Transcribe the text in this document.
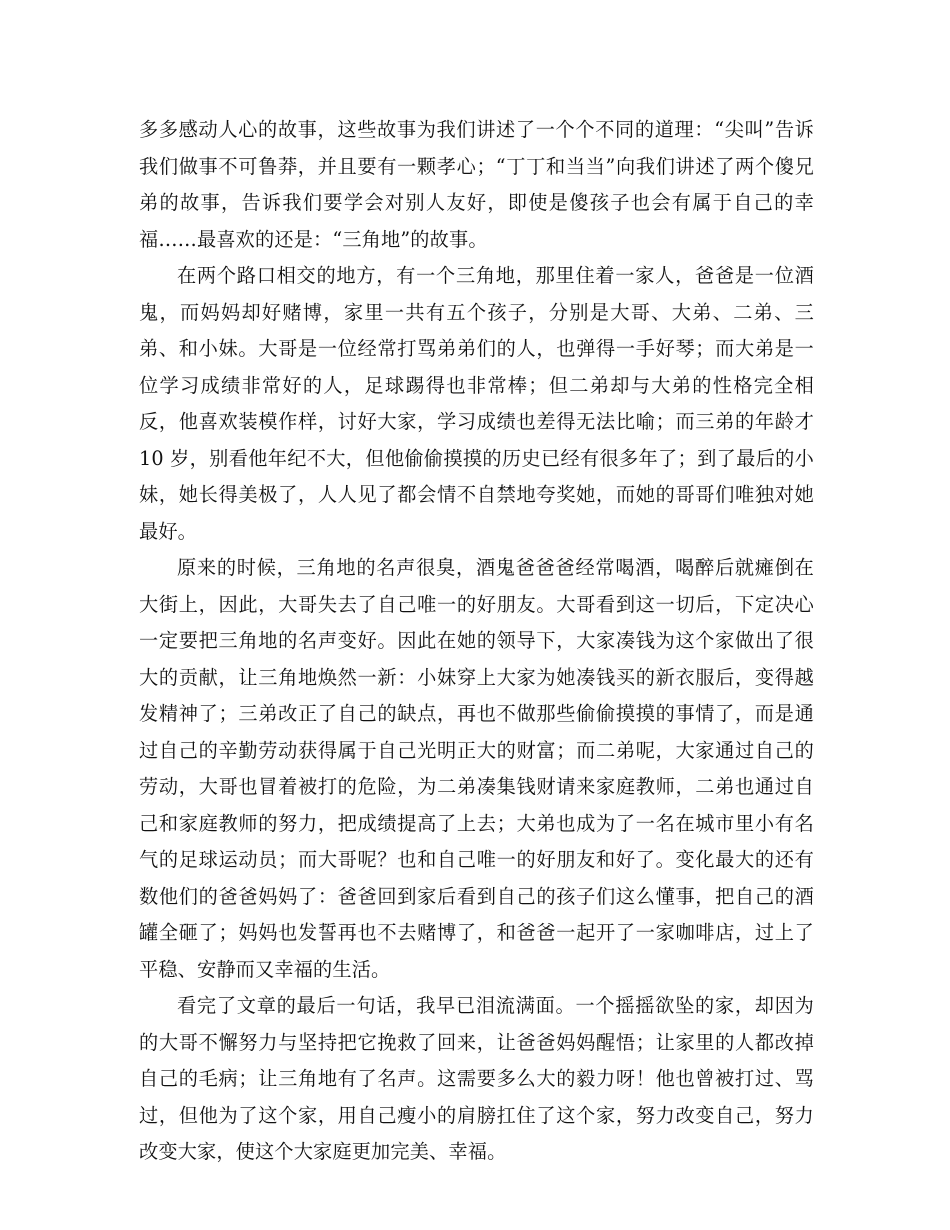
多多感动人心的故事，这些故事为我们讲述了一个个不同的道理：“尖叫”告诉我们做事不可鲁莽，并且要有一颗孝心；“丁丁和当当”向我们讲述了两个傻兄弟的故事，告诉我们要学会对别人友好，即使是傻孩子也会有属于自己的幸福……最喜欢的还是：“三角地”的故事。

在两个路口相交的地方，有一个三角地，那里住着一家人，爸爸是一位酒鬼，而妈妈却好赌博，家里一共有五个孩子，分别是大哥、大弟、二弟、三弟、和小妹。大哥是一位经常打骂弟弟们的人，也弹得一手好琴；而大弟是一位学习成绩非常好的人，足球踢得也非常棒；但二弟却与大弟的性格完全相反，他喜欢装模作样，讨好大家，学习成绩也差得无法比喻；而三弟的年龄才 10 岁，别看他年纪不大，但他偷偷摸摸的历史已经有很多年了；到了最后的小妹，她长得美极了，人人见了都会情不自禁地夸奖她，而她的哥哥们唯独对她最好。

原来的时候，三角地的名声很臭，酒鬼爸爸爸经常喝酒，喝醉后就瘫倒在大街上，因此，大哥失去了自己唯一的好朋友。大哥看到这一切后，下定决心一定要把三角地的名声变好。因此在她的领导下，大家凑钱为这个家做出了很大的贡献，让三角地焕然一新：小妹穿上大家为她凑钱买的新衣服后，变得越发精神了；三弟改正了自己的缺点，再也不做那些偷偷摸摸的事情了，而是通过自己的辛勤劳动获得属于自己光明正大的财富；而二弟呢，大家通过自己的劳动，大哥也冒着被打的危险，为二弟凑集钱财请来家庭教师，二弟也通过自己和家庭教师的努力，把成绩提高了上去；大弟也成为了一名在城市里小有名气的足球运动员；而大哥呢？也和自己唯一的好朋友和好了。变化最大的还有数他们的爸爸妈妈了：爸爸回到家后看到自己的孩子们这么懂事，把自己的酒罐全砸了；妈妈也发誓再也不去赌博了，和爸爸一起开了一家咖啡店，过上了平稳、安静而又幸福的生活。

看完了文章的最后一句话，我早已泪流满面。一个摇摇欲坠的家，却因为的大哥不懈努力与坚持把它挽救了回来，让爸爸妈妈醒悟；让家里的人都改掉自己的毛病；让三角地有了名声。这需要多么大的毅力呀！他也曾被打过、骂过，但他为了这个家，用自己瘦小的肩膀扛住了这个家，努力改变自己，努力改变大家，使这个大家庭更加完美、幸福。
